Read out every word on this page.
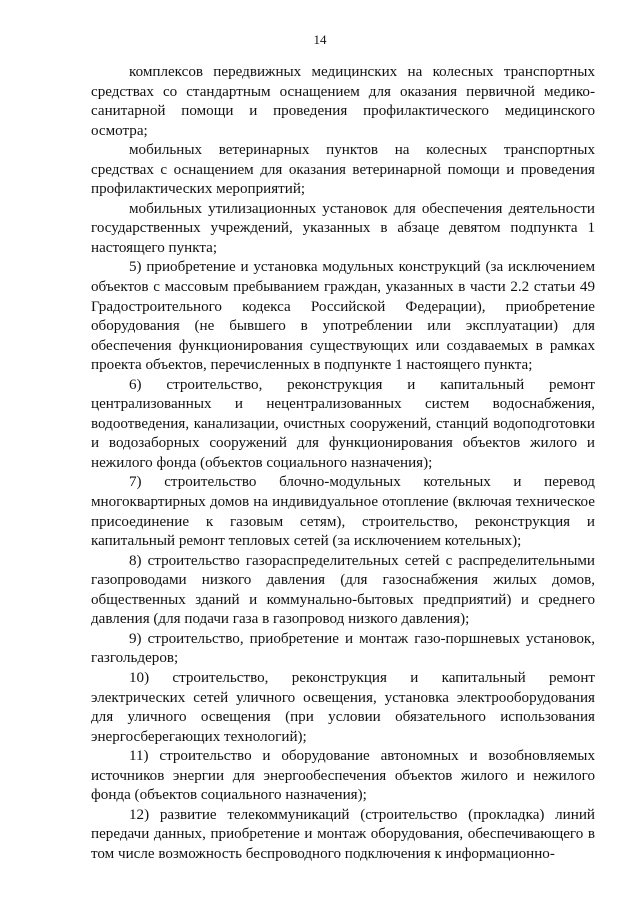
14

комплексов передвижных медицинских на колесных транспортных средствах со стандартным оснащением для оказания первичной медико-санитарной помощи и проведения профилактического медицинского осмотра;

мобильных ветеринарных пунктов на колесных транспортных средствах с оснащением для оказания ветеринарной помощи и проведения профилактических мероприятий;

мобильных утилизационных установок для обеспечения деятельности государственных учреждений, указанных в абзаце девятом подпункта 1 настоящего пункта;

5) приобретение и установка модульных конструкций (за исключением объектов с массовым пребыванием граждан, указанных в части 2.2 статьи 49 Градостроительного кодекса Российской Федерации), приобретение оборудования (не бывшего в употреблении или эксплуатации) для обеспечения функционирования существующих или создаваемых в рамках проекта объектов, перечисленных в подпункте 1 настоящего пункта;

6) строительство, реконструкция и капитальный ремонт централизованных и нецентрализованных систем водоснабжения, водоотведения, канализации, очистных сооружений, станций водоподготовки и водозаборных сооружений для функционирования объектов жилого и нежилого фонда (объектов социального назначения);

7) строительство блочно-модульных котельных и перевод многоквартирных домов на индивидуальное отопление (включая техническое присоединение к газовым сетям), строительство, реконструкция и капитальный ремонт тепловых сетей (за исключением котельных);

8) строительство газораспределительных сетей с распределительными газопроводами низкого давления (для газоснабжения жилых домов, общественных зданий и коммунально-бытовых предприятий) и среднего давления (для подачи газа в газопровод низкого давления);

9) строительство, приобретение и монтаж газо-поршневых установок, газгольдеров;

10) строительство, реконструкция и капитальный ремонт электрических сетей уличного освещения, установка электрооборудования для уличного освещения (при условии обязательного использования энергосберегающих технологий);

11) строительство и оборудование автономных и возобновляемых источников энергии для энергообеспечения объектов жилого и нежилого фонда (объектов социального назначения);

12) развитие телекоммуникаций (строительство (прокладка) линий передачи данных, приобретение и монтаж оборудования, обеспечивающего в том числе возможность беспроводного подключения к информационно-
